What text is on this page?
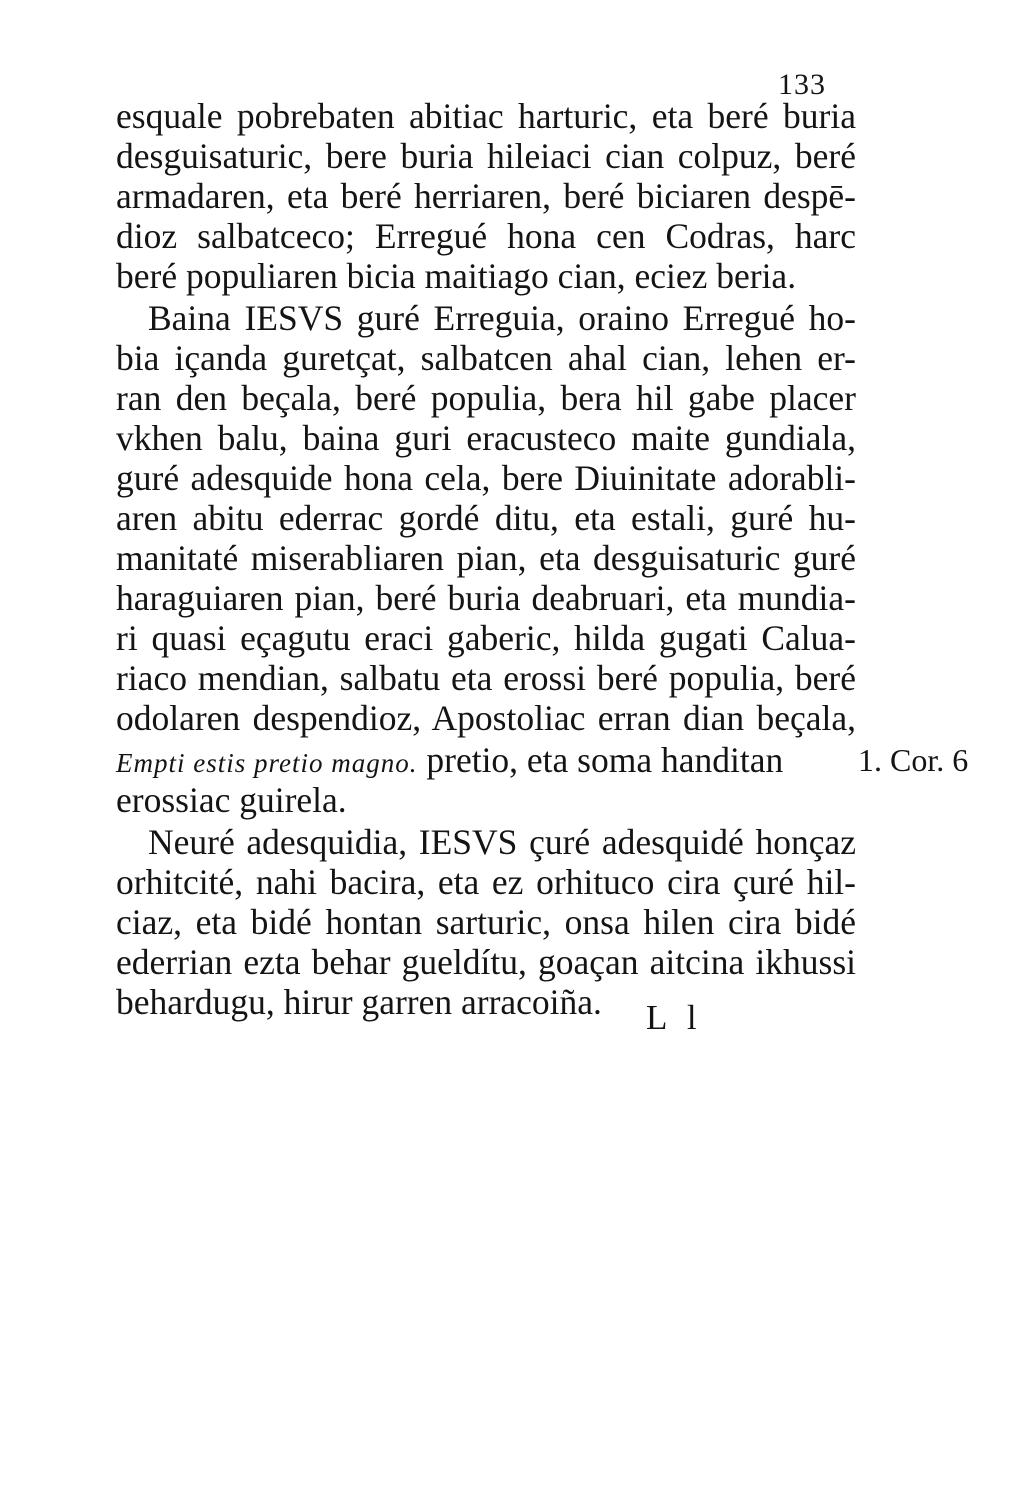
133
esquale pobrebaten abitiac harturic, eta beré buria
desguisaturic, bere buria hileiaci cian colpuz, beré
armadaren, eta beré herriaren, beré biciaren despē-
dioz salbatceco; Erregué hona cen Codras, harc
beré populiaren bicia maitiago cian, eciez beria.
Baina IESVS guré Erreguia, oraino Erregué ho-
bia içanda guretçat, salbatcen ahal cian, lehen er-
ran den beçala, beré populia, bera hil gabe placer
vkhen balu, baina guri eracusteco maite gundiala,
guré adesquide hona cela, bere Diuinitate adorabli-
aren abitu ederrac gordé ditu, eta estali, guré hu-
manitaté miserabliaren pian, eta desguisaturic guré
haraguiaren pian, beré buria deabruari, eta mundia-
ri quasi eçagutu eraci gaberic, hilda gugati Calua-
riaco mendian, salbatu eta erossi beré populia, beré
odolaren despendioz, Apostoliac erran dian beçala,
Empti estis pretio magno. pretio, eta soma handitan	1. Cor. 6
erossiac guirela.
Neuré adesquidia, IESVS çuré adesquidé honçaz
orhitcité, nahi bacira, eta ez orhituco cira çuré hil-
ciaz, eta bidé hontan sarturic, onsa hilen cira bidé
ederrian ezta behar gueldítu, goaçan aitcina ikhussi
behardugu, hirur garren arracoiña.	L l
